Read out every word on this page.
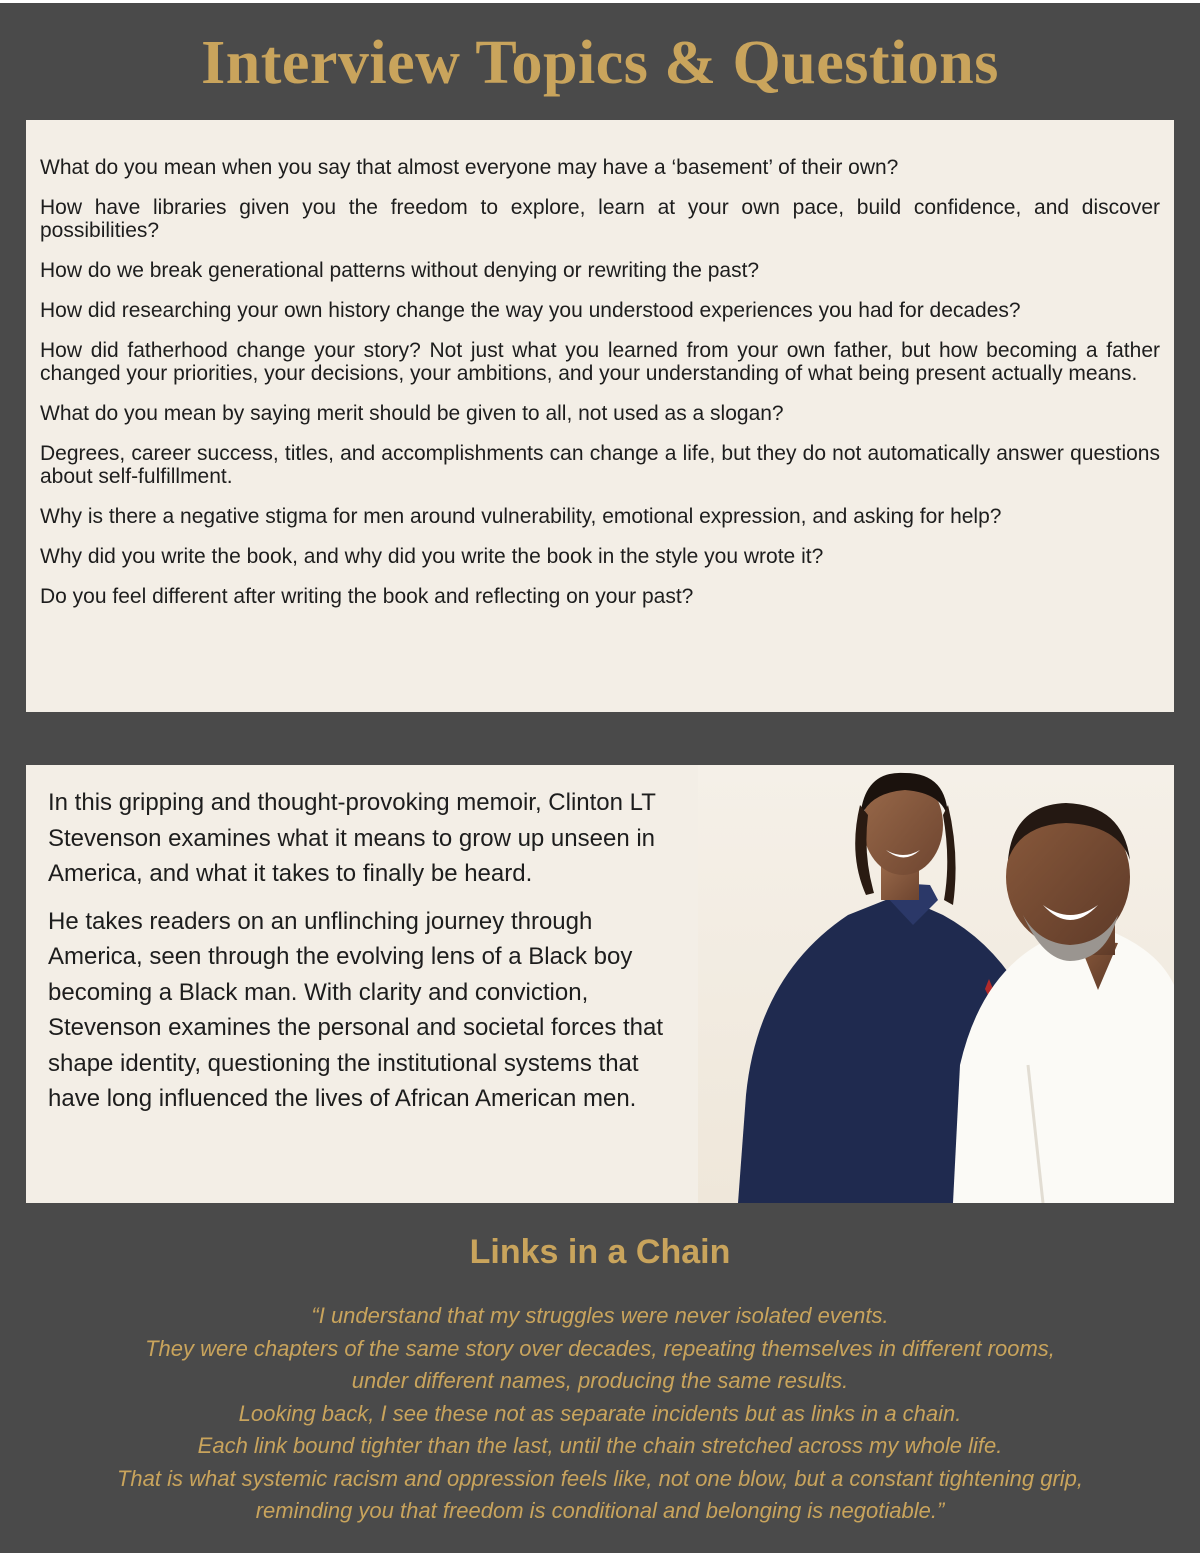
Interview Topics & Questions

What do you mean when you say that almost everyone may have a ‘basement’ of their own?

How have libraries given you the freedom to explore, learn at your own pace, build confidence, and discover possibilities?

How do we break generational patterns without denying or rewriting the past?

How did researching your own history change the way you understood experiences you had for decades?

How did fatherhood change your story? Not just what you learned from your own father, but how becoming a father changed your priorities, your decisions, your ambitions, and your understanding of what being present actually means.

What do you mean by saying merit should be given to all, not used as a slogan?

Degrees, career success, titles, and accomplishments can change a life, but they do not automatically answer questions about self-fulfillment.

Why is there a negative stigma for men around vulnerability, emotional expression, and asking for help?

Why did you write the book, and why did you write the book in the style you wrote it?

Do you feel different after writing the book and reflecting on your past?

In this gripping and thought-provoking memoir, Clinton LT Stevenson examines what it means to grow up unseen in America, and what it takes to finally be heard.

He takes readers on an unflinching journey through America, seen through the evolving lens of a Black boy becoming a Black man. With clarity and conviction, Stevenson examines the personal and societal forces that shape identity, questioning the institutional systems that have long influenced the lives of African American men.

Links in a Chain
“I understand that my struggles were never isolated events.
They were chapters of the same story over decades, repeating themselves in different rooms,
under different names, producing the same results.
Looking back, I see these not as separate incidents but as links in a chain.
Each link bound tighter than the last, until the chain stretched across my whole life.
That is what systemic racism and oppression feels like, not one blow, but a constant tightening grip,
reminding you that freedom is conditional and belonging is negotiable.”
